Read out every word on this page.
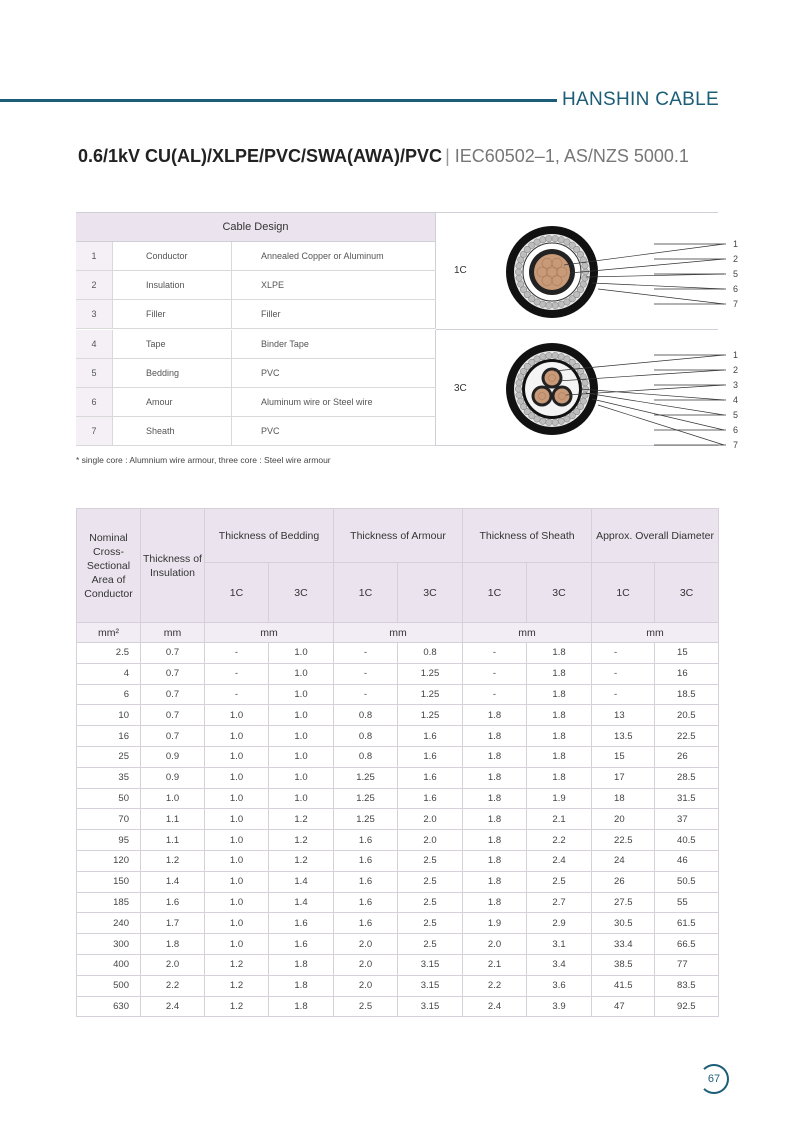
HANSHIN CABLE
0.6/1kV CU(AL)/XLPE/PVC/SWA(AWA)/PVC | IEC60502–1, AS/NZS 5000.1
Cable Design
1	Conductor	Annealed Copper or Aluminum
2	Insulation	XLPE
3	Filler	Filler
4	Tape	Binder Tape
5	Bedding	PVC
6	Amour	Aluminum wire or Steel wire
7	Sheath	PVC
1C
3C
1
2
5
6
7
1
2
3
4
5
6
7
* single core : Alumnium wire armour, three core : Steel wire armour
Nominal Cross-Sectional Area of Conductor	Thickness of Insulation	Thickness of Bedding		Thickness of Armour		Thickness of Sheath		Approx. Overall Diameter	
		1C	3C	1C	3C	1C	3C	1C	3C
mm²	mm	mm		mm		mm		mm	
2.5	0.7	-	1.0	-	0.8	-	1.8	-	15
4	0.7	-	1.0	-	1.25	-	1.8	-	16
6	0.7	-	1.0	-	1.25	-	1.8	-	18.5
10	0.7	1.0	1.0	0.8	1.25	1.8	1.8	13	20.5
16	0.7	1.0	1.0	0.8	1.6	1.8	1.8	13.5	22.5
25	0.9	1.0	1.0	0.8	1.6	1.8	1.8	15	26
35	0.9	1.0	1.0	1.25	1.6	1.8	1.8	17	28.5
50	1.0	1.0	1.0	1.25	1.6	1.8	1.9	18	31.5
70	1.1	1.0	1.2	1.25	2.0	1.8	2.1	20	37
95	1.1	1.0	1.2	1.6	2.0	1.8	2.2	22.5	40.5
120	1.2	1.0	1.2	1.6	2.5	1.8	2.4	24	46
150	1.4	1.0	1.4	1.6	2.5	1.8	2.5	26	50.5
185	1.6	1.0	1.4	1.6	2.5	1.8	2.7	27.5	55
240	1.7	1.0	1.6	1.6	2.5	1.9	2.9	30.5	61.5
300	1.8	1.0	1.6	2.0	2.5	2.0	3.1	33.4	66.5
400	2.0	1.2	1.8	2.0	3.15	2.1	3.4	38.5	77
500	2.2	1.2	1.8	2.0	3.15	2.2	3.6	41.5	83.5
630	2.4	1.2	1.8	2.5	3.15	2.4	3.9	47	92.5
67
